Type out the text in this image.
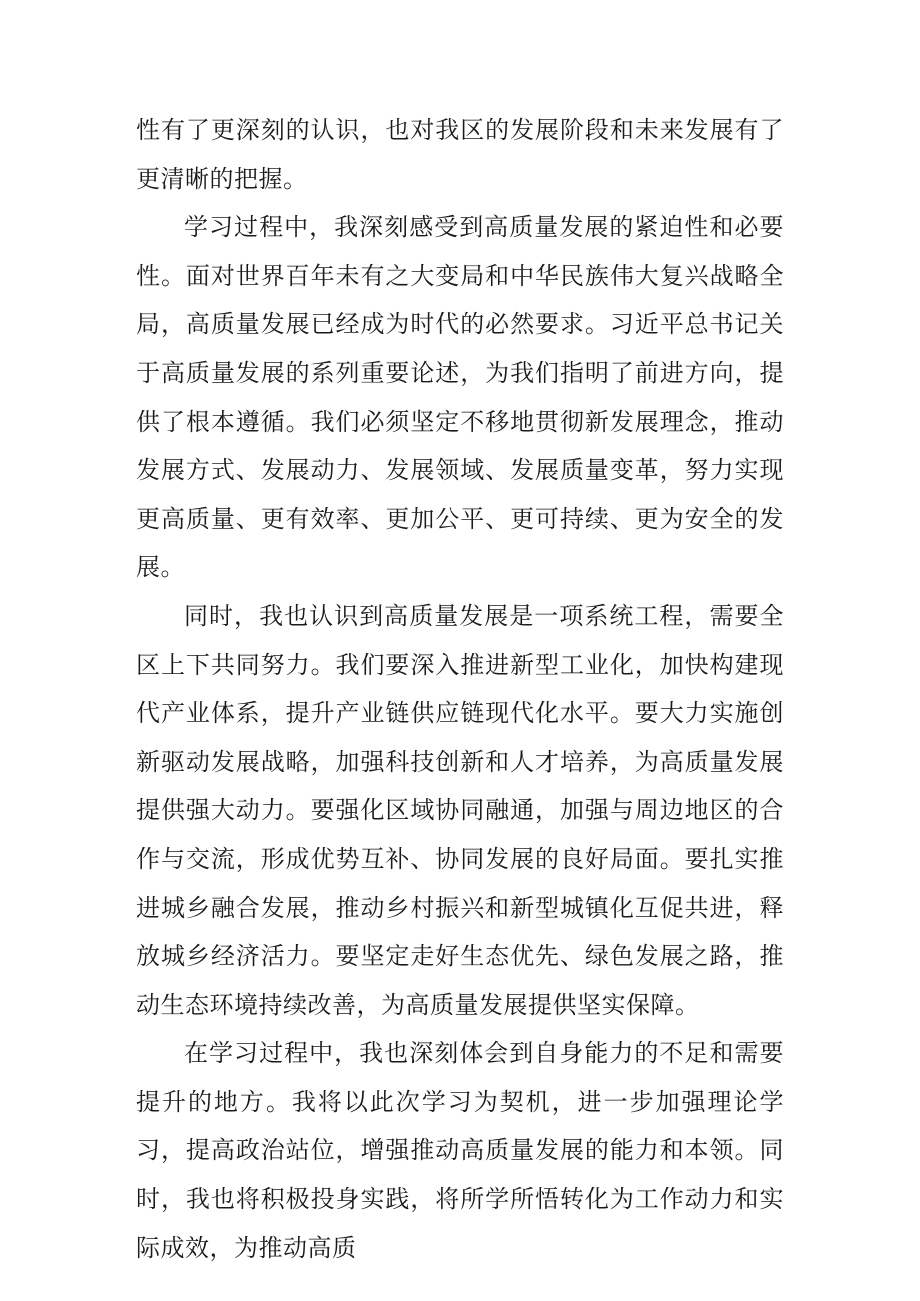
性有了更深刻的认识，也对我区的发展阶段和未来发展有了更清晰的把握。

学习过程中，我深刻感受到高质量发展的紧迫性和必要性。面对世界百年未有之大变局和中华民族伟大复兴战略全局，高质量发展已经成为时代的必然要求。习近平总书记关于高质量发展的系列重要论述，为我们指明了前进方向，提供了根本遵循。我们必须坚定不移地贯彻新发展理念，推动发展方式、发展动力、发展领域、发展质量变革，努力实现更高质量、更有效率、更加公平、更可持续、更为安全的发展。

同时，我也认识到高质量发展是一项系统工程，需要全区上下共同努力。我们要深入推进新型工业化，加快构建现代产业体系，提升产业链供应链现代化水平。要大力实施创新驱动发展战略，加强科技创新和人才培养，为高质量发展提供强大动力。要强化区域协同融通，加强与周边地区的合作与交流，形成优势互补、协同发展的良好局面。要扎实推进城乡融合发展，推动乡村振兴和新型城镇化互促共进，释放城乡经济活力。要坚定走好生态优先、绿色发展之路，推动生态环境持续改善，为高质量发展提供坚实保障。

在学习过程中，我也深刻体会到自身能力的不足和需要提升的地方。我将以此次学习为契机，进一步加强理论学习，提高政治站位，增强推动高质量发展的能力和本领。同时，我也将积极投身实践，将所学所悟转化为工作动力和实际成效，为推动高质
